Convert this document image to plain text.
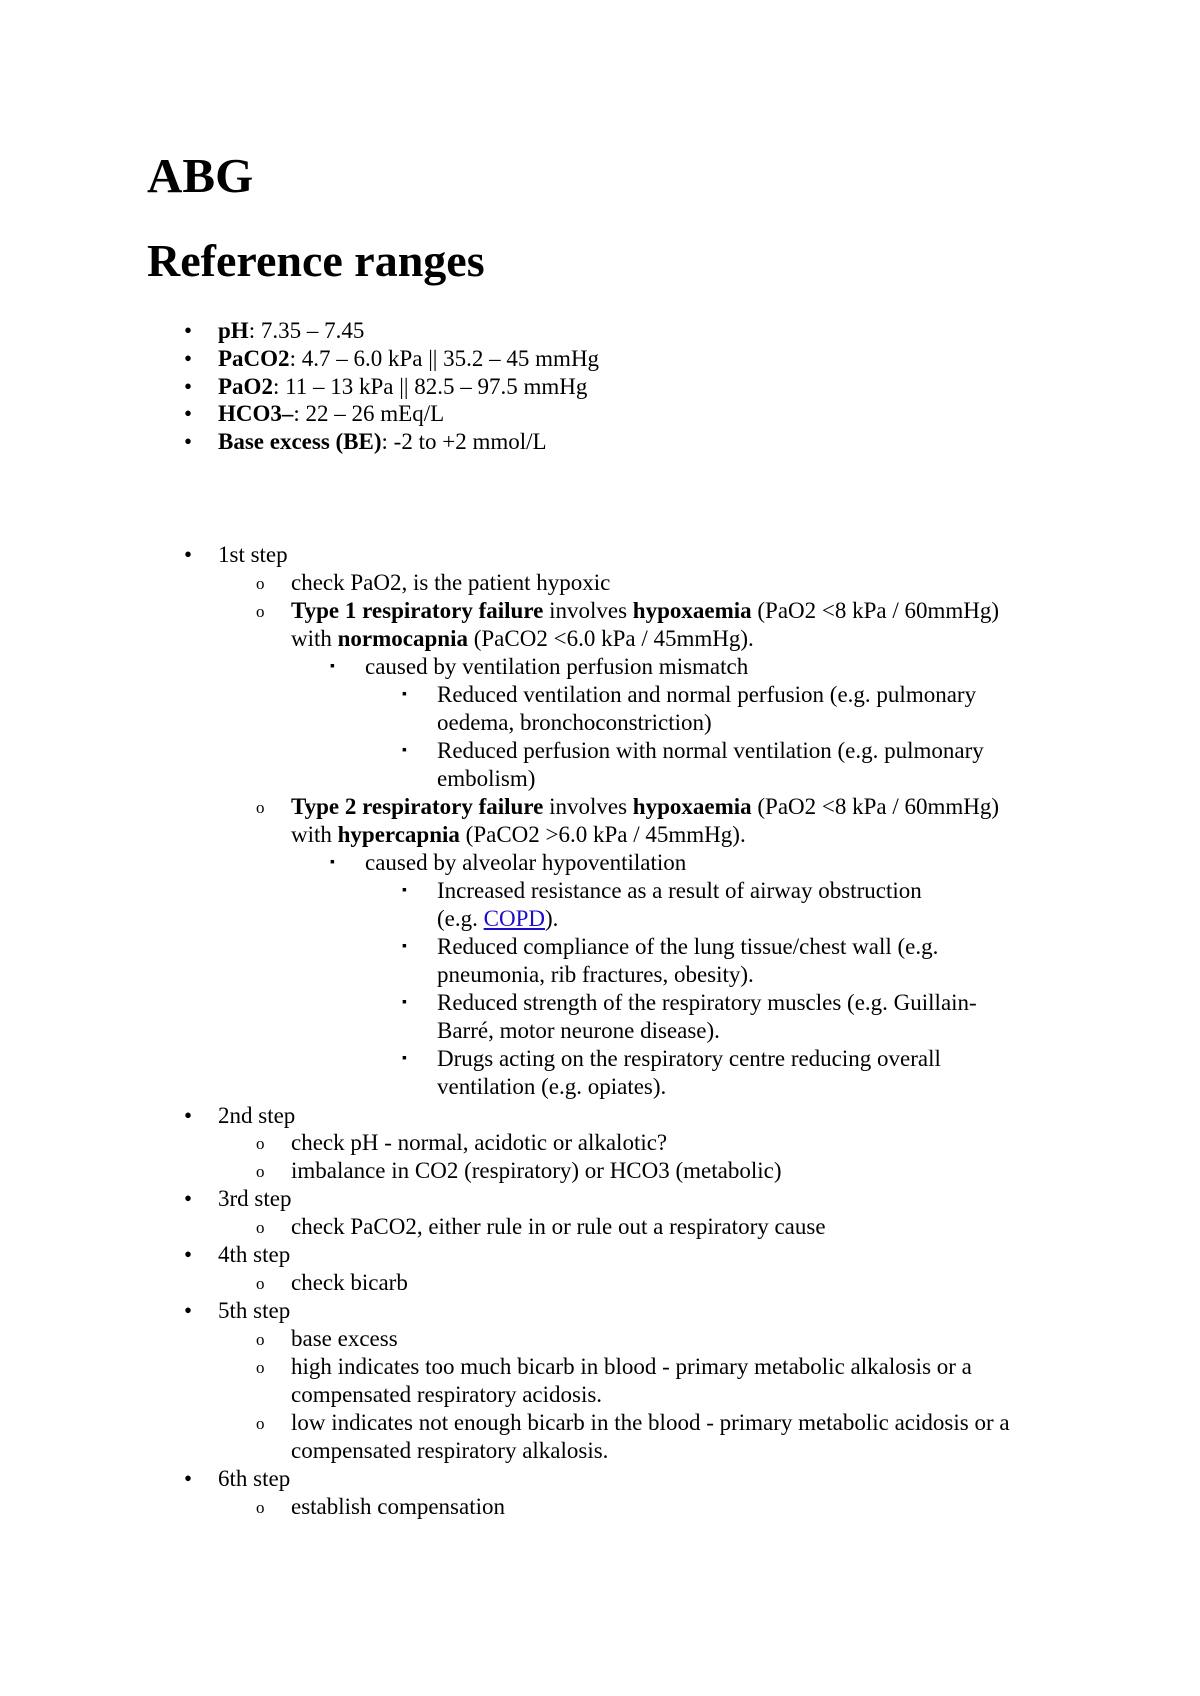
ABG
Reference ranges
• pH: 7.35 – 7.45
• PaCO2: 4.7 – 6.0 kPa || 35.2 – 45 mmHg
• PaO2: 11 – 13 kPa || 82.5 – 97.5 mmHg
• HCO3–: 22 – 26 mEq/L
• Base excess (BE): -2 to +2 mmol/L
• 1st step
o check PaO2, is the patient hypoxic
o Type 1 respiratory failure involves hypoxaemia (PaO2 <8 kPa / 60mmHg)
with normocapnia (PaCO2 <6.0 kPa / 45mmHg).
▪ caused by ventilation perfusion mismatch
▪ Reduced ventilation and normal perfusion (e.g. pulmonary
oedema, bronchoconstriction)
▪ Reduced perfusion with normal ventilation (e.g. pulmonary
embolism)
o Type 2 respiratory failure involves hypoxaemia (PaO2 <8 kPa / 60mmHg)
with hypercapnia (PaCO2 >6.0 kPa / 45mmHg).
▪ caused by alveolar hypoventilation
▪ Increased resistance as a result of airway obstruction
(e.g. COPD).
▪ Reduced compliance of the lung tissue/chest wall (e.g.
pneumonia, rib fractures, obesity).
▪ Reduced strength of the respiratory muscles (e.g. Guillain-
Barré, motor neurone disease).
▪ Drugs acting on the respiratory centre reducing overall
ventilation (e.g. opiates).
• 2nd step
o check pH - normal, acidotic or alkalotic?
o imbalance in CO2 (respiratory) or HCO3 (metabolic)
• 3rd step
o check PaCO2, either rule in or rule out a respiratory cause
• 4th step
o check bicarb
• 5th step
o base excess
o high indicates too much bicarb in blood - primary metabolic alkalosis or a
compensated respiratory acidosis.
o low indicates not enough bicarb in the blood - primary metabolic acidosis or a
compensated respiratory alkalosis.
• 6th step
o establish compensation
